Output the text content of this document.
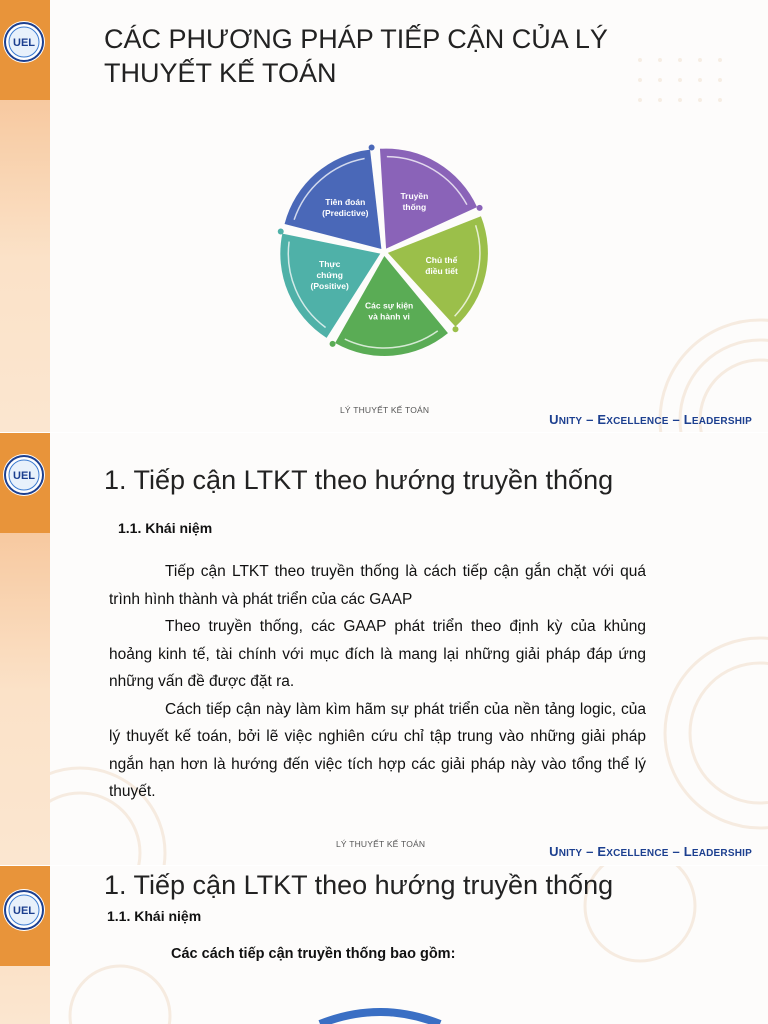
UEL	CÁC PHƯƠNG PHÁP TIẾP CẬN CỦA LÝ
THUYẾT KẾ TOÁN
Truyền
thống
Chủ thể
điều tiết
Các sự kiện
và hành vi
Thực
chứng
(Positive)
Tiên đoán
(Predictive)
LÝ THUYẾT KẾ TOÁN
UNITY – EXCELLENCE – LEADERSHIP
UEL	1. Tiếp cận LTKT theo hướng truyền thống
1.1. Khái niệm

Tiếp cận LTKT theo truyền thống là cách tiếp cận gắn chặt với quá trình hình thành và phát triển của các GAAP

Theo truyền thống, các GAAP phát triển theo định kỳ của khủng hoảng kinh tế, tài chính với mục đích là mang lại những giải pháp đáp ứng những vấn đề được đặt ra.

Cách tiếp cận này làm kìm hãm sự phát triển của nền tảng logic, của lý thuyết kế toán, bởi lẽ việc nghiên cứu chỉ tập trung vào những giải pháp ngắn hạn hơn là hướng đến việc tích hợp các giải pháp này vào tổng thể lý thuyết.

LÝ THUYẾT KẾ TOÁN	UNITY – EXCELLENCE – LEADERSHIP
UEL
1. Tiếp cận LTKT theo hướng truyền thống
1.1. Khái niệm
Các cách tiếp cận truyền thống bao gồm:
